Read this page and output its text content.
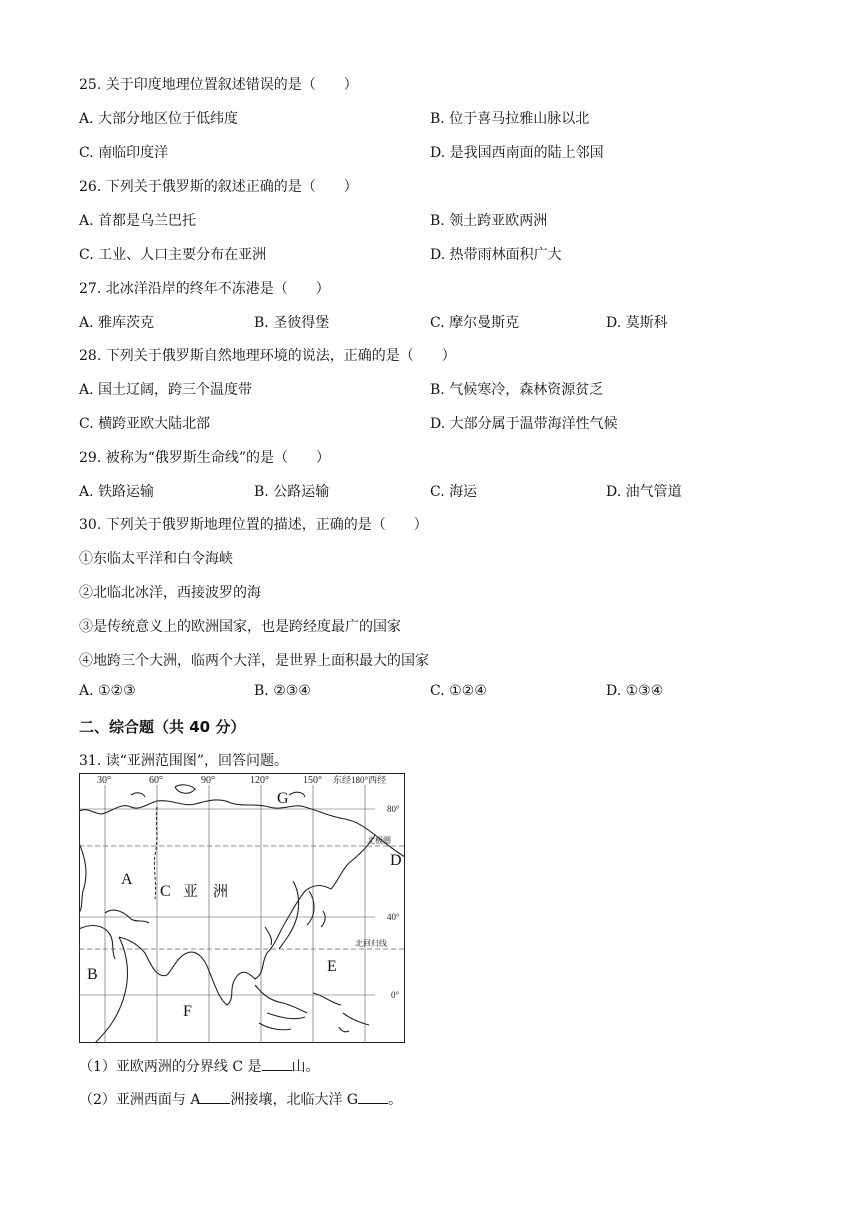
25. 关于印度地理位置叙述错误的是（　　）
A. 大部分地区位于低纬度	B. 位于喜马拉雅山脉以北
C. 南临印度洋	D. 是我国西南面的陆上邻国
26. 下列关于俄罗斯的叙述正确的是（　　）
A. 首都是乌兰巴托	B. 领土跨亚欧两洲
C. 工业、人口主要分布在亚洲	D. 热带雨林面积广大
27. 北冰洋沿岸的终年不冻港是（　　）
A. 雅库茨克	B. 圣彼得堡	C. 摩尔曼斯克	D. 莫斯科
28. 下列关于俄罗斯自然地理环境的说法，正确的是（　　）
A. 国土辽阔，跨三个温度带	B. 气候寒冷，森林资源贫乏
C. 横跨亚欧大陆北部	D. 大部分属于温带海洋性气候
29. 被称为“俄罗斯生命线”的是（　　）
A. 铁路运输	B. 公路运输	C. 海运	D. 油气管道
30. 下列关于俄罗斯地理位置的描述，正确的是（　　）
①东临太平洋和白令海峡
②北临北冰洋，西接波罗的海
③是传统意义上的欧洲国家，也是跨经度最广的国家
④地跨三个大洲，临两个大洋，是世界上面积最大的国家
A. ①②③	B. ②③④	C. ①②④	D. ①③④
二、综合题（共 40 分）
31. 读“亚洲范围图”，回答问题。
30°	60°	90°	120°	150° 东经180°西经
80°
40°
0°
北极圈
北回归线
A
B
C
D
E
F
G
亚　洲
（1）亚欧两洲的分界线 C 是 山。
（2）亚洲西面与 A 洲接壤，北临大洋 G 。
